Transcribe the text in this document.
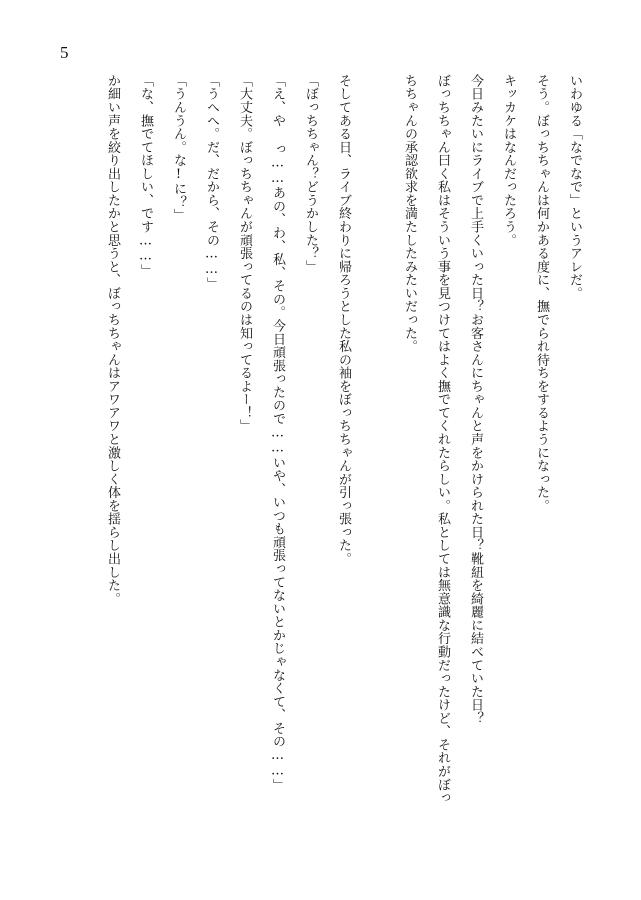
5
いわゆる「なでなで」というアレだ。
そう。ぼっちちゃんは何かある度に、撫でられ待ちをするようになった。
キッカケはなんだったろう。
今日みたいにライブで上手くいった日？お客さんにちゃんと声をかけられた日？靴紐を綺麗に結べていた日？
ぼっちちゃん曰く私はそういう事を見つけてはよく撫でてくれたらしい。私としては無意識な行動だったけど、それがぼっ
ちちゃんの承認欲求を満たしたみたいだった。
そしてある日、ライブ終わりに帰ろうとした私の袖をぼっちちゃんが引っ張った。
「ぼっちちゃん？どうかした？」
「え、や っ……あの、わ、私、その。今日頑張ったので……いや、いつも頑張ってないとかじゃなくて、その……」
「大丈夫。ぼっちちゃんが頑張ってるのは知ってるよー！」
「うへへ。だ、だから、その……」
「うんうん。な!に？」
「な、撫でてほしい、です……」
か細い声を絞り出したかと思うと、ぼっちちゃんはアワアワと激しく体を揺らし出した。
